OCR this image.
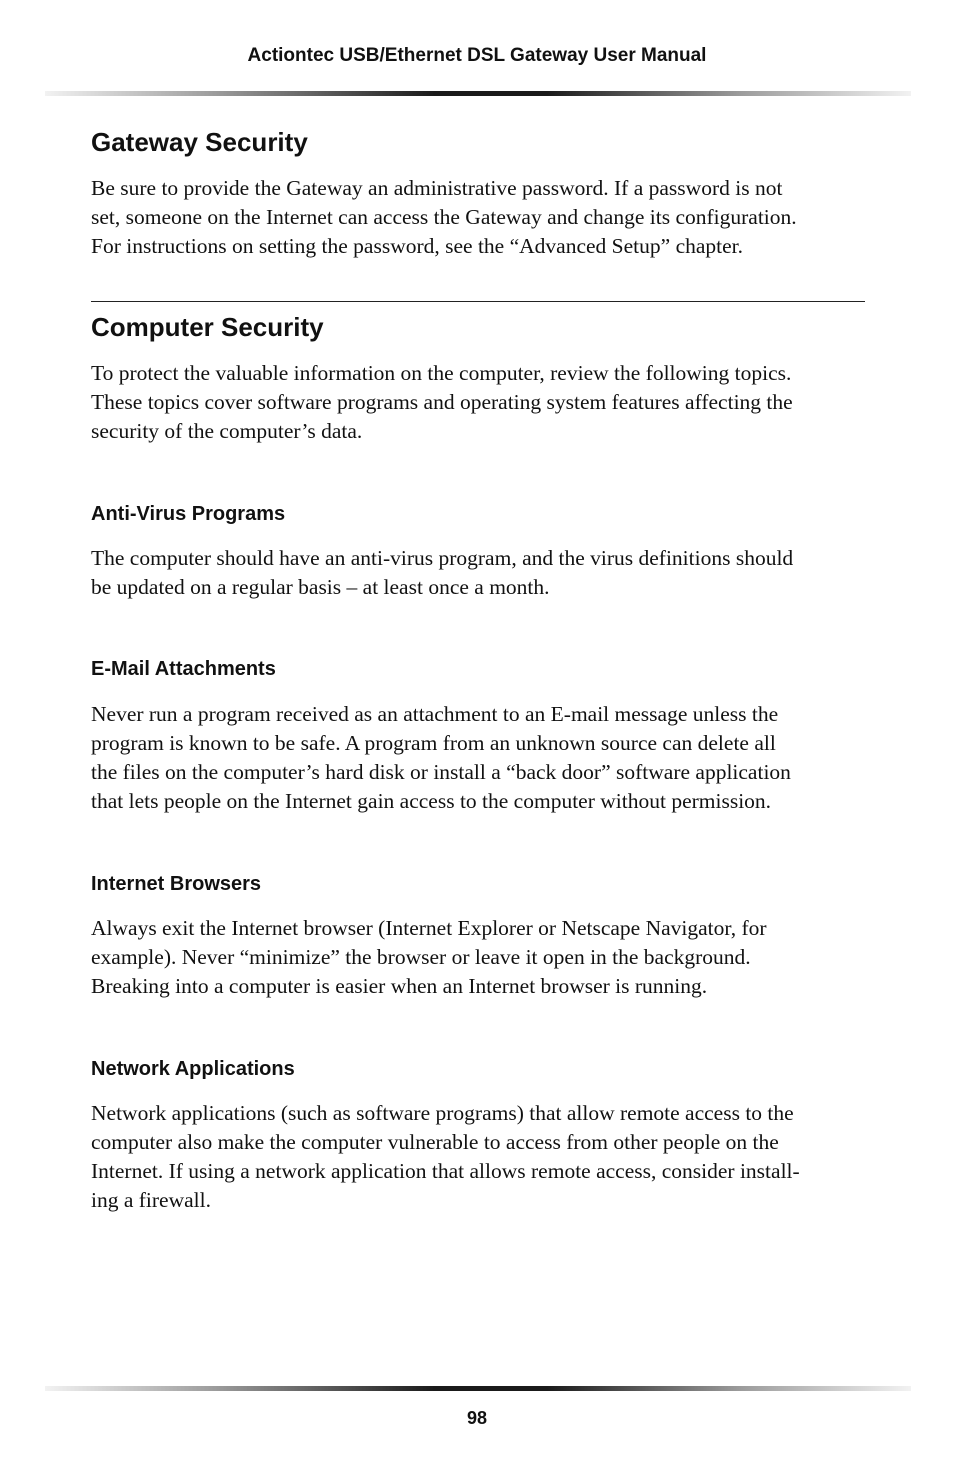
Actiontec USB/Ethernet DSL Gateway User Manual
Gateway Security
Be sure to provide the Gateway an administrative password. If a password is not
set, someone on the Internet can access the Gateway and change its configuration.
For instructions on setting the password, see the “Advanced Setup” chapter.
Computer Security
To protect the valuable information on the computer, review the following topics.
These topics cover software programs and operating system features affecting the
security of the computer’s data.
Anti-Virus Programs
The computer should have an anti-virus program, and the virus definitions should
be updated on a regular basis – at least once a month.
E-Mail Attachments
Never run a program received as an attachment to an E-mail message unless the
program is known to be safe. A program from an unknown source can delete all
the files on the computer’s hard disk or install a “back door” software application
that lets people on the Internet gain access to the computer without permission.
Internet Browsers
Always exit the Internet browser (Internet Explorer or Netscape Navigator, for
example). Never “minimize” the browser or leave it open in the background.
Breaking into a computer is easier when an Internet browser is running.
Network Applications
Network applications (such as software programs) that allow remote access to the
computer also make the computer vulnerable to access from other people on the
Internet. If using a network application that allows remote access, consider install-
ing a firewall.
98
